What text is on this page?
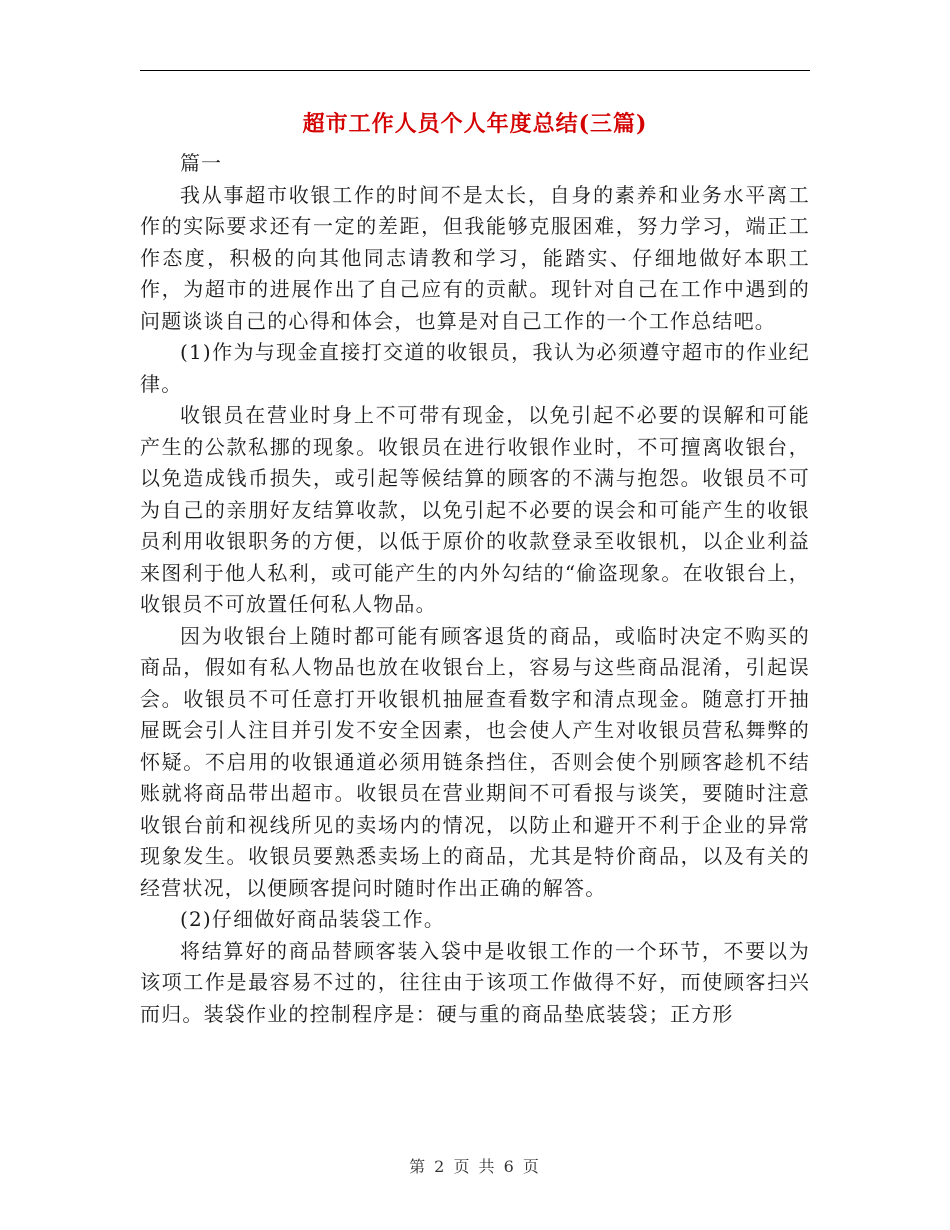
超市工作人员个人年度总结(三篇)

篇一

我从事超市收银工作的时间不是太长，自身的素养和业务水平离工作的实际要求还有一定的差距，但我能够克服困难，努力学习，端正工作态度，积极的向其他同志请教和学习，能踏实、仔细地做好本职工作，为超市的进展作出了自己应有的贡献。现针对自己在工作中遇到的问题谈谈自己的心得和体会，也算是对自己工作的一个工作总结吧。

(1)作为与现金直接打交道的收银员，我认为必须遵守超市的作业纪律。

收银员在营业时身上不可带有现金，以免引起不必要的误解和可能产生的公款私挪的现象。收银员在进行收银作业时，不可擅离收银台，以免造成钱币损失，或引起等候结算的顾客的不满与抱怨。收银员不可为自己的亲朋好友结算收款，以免引起不必要的误会和可能产生的收银员利用收银职务的方便，以低于原价的收款登录至收银机，以企业利益来图利于他人私利，或可能产生的内外勾结的“偷盗现象。在收银台上，收银员不可放置任何私人物品。

因为收银台上随时都可能有顾客退货的商品，或临时决定不购买的商品，假如有私人物品也放在收银台上，容易与这些商品混淆，引起误会。收银员不可任意打开收银机抽屉查看数字和清点现金。随意打开抽屉既会引人注目并引发不安全因素，也会使人产生对收银员营私舞弊的怀疑。不启用的收银通道必须用链条挡住，否则会使个别顾客趁机不结账就将商品带出超市。收银员在营业期间不可看报与谈笑，要随时注意收银台前和视线所见的卖场内的情况，以防止和避开不利于企业的异常现象发生。收银员要熟悉卖场上的商品，尤其是特价商品，以及有关的经营状况，以便顾客提问时随时作出正确的解答。

(2)仔细做好商品装袋工作。

将结算好的商品替顾客装入袋中是收银工作的一个环节，不要以为该项工作是最容易不过的，往往由于该项工作做得不好，而使顾客扫兴而归。装袋作业的控制程序是：硬与重的商品垫底装袋；正方形

第 2 页 共 6 页
